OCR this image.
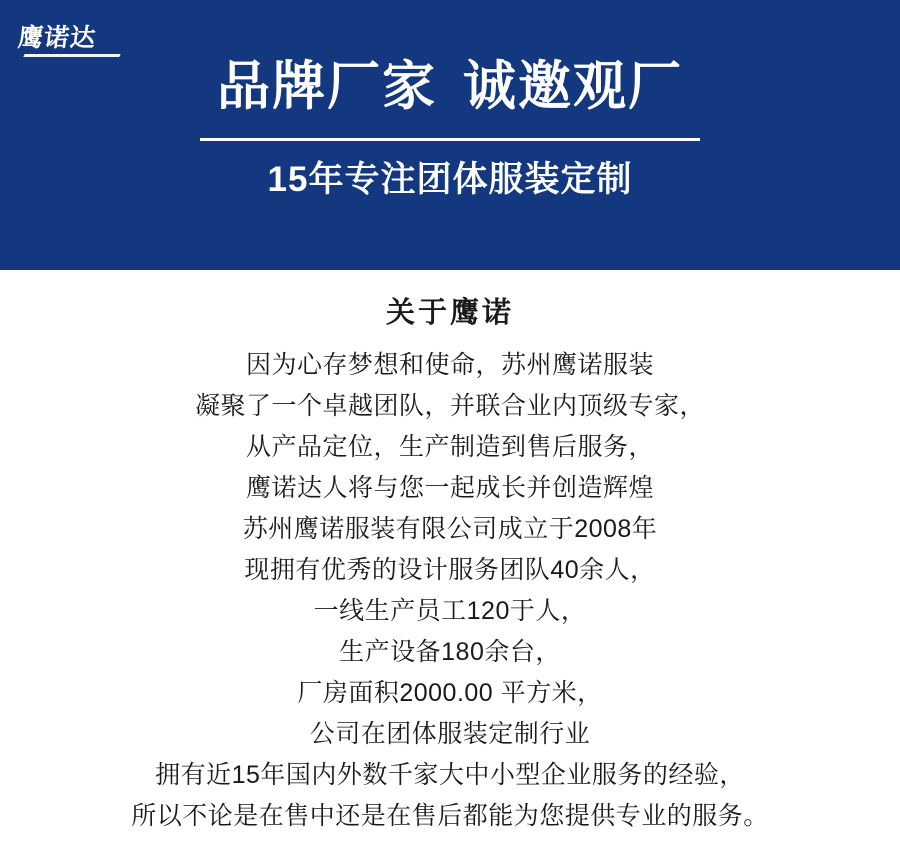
鹰诺达
品牌厂家 诚邀观厂
15年专注团体服装定制
关于鹰诺
因为心存梦想和使命，苏州鹰诺服装
凝聚了一个卓越团队，并联合业内顶级专家，
从产品定位，生产制造到售后服务，
鹰诺达人将与您一起成长并创造辉煌
苏州鹰诺服装有限公司成立于2008年
现拥有优秀的设计服务团队40余人，
一线生产员工120于人，
生产设备180余台，
厂房面积2000.00 平方米，
公司在团体服装定制行业
拥有近15年国内外数千家大中小型企业服务的经验，
所以不论是在售中还是在售后都能为您提供专业的服务。
